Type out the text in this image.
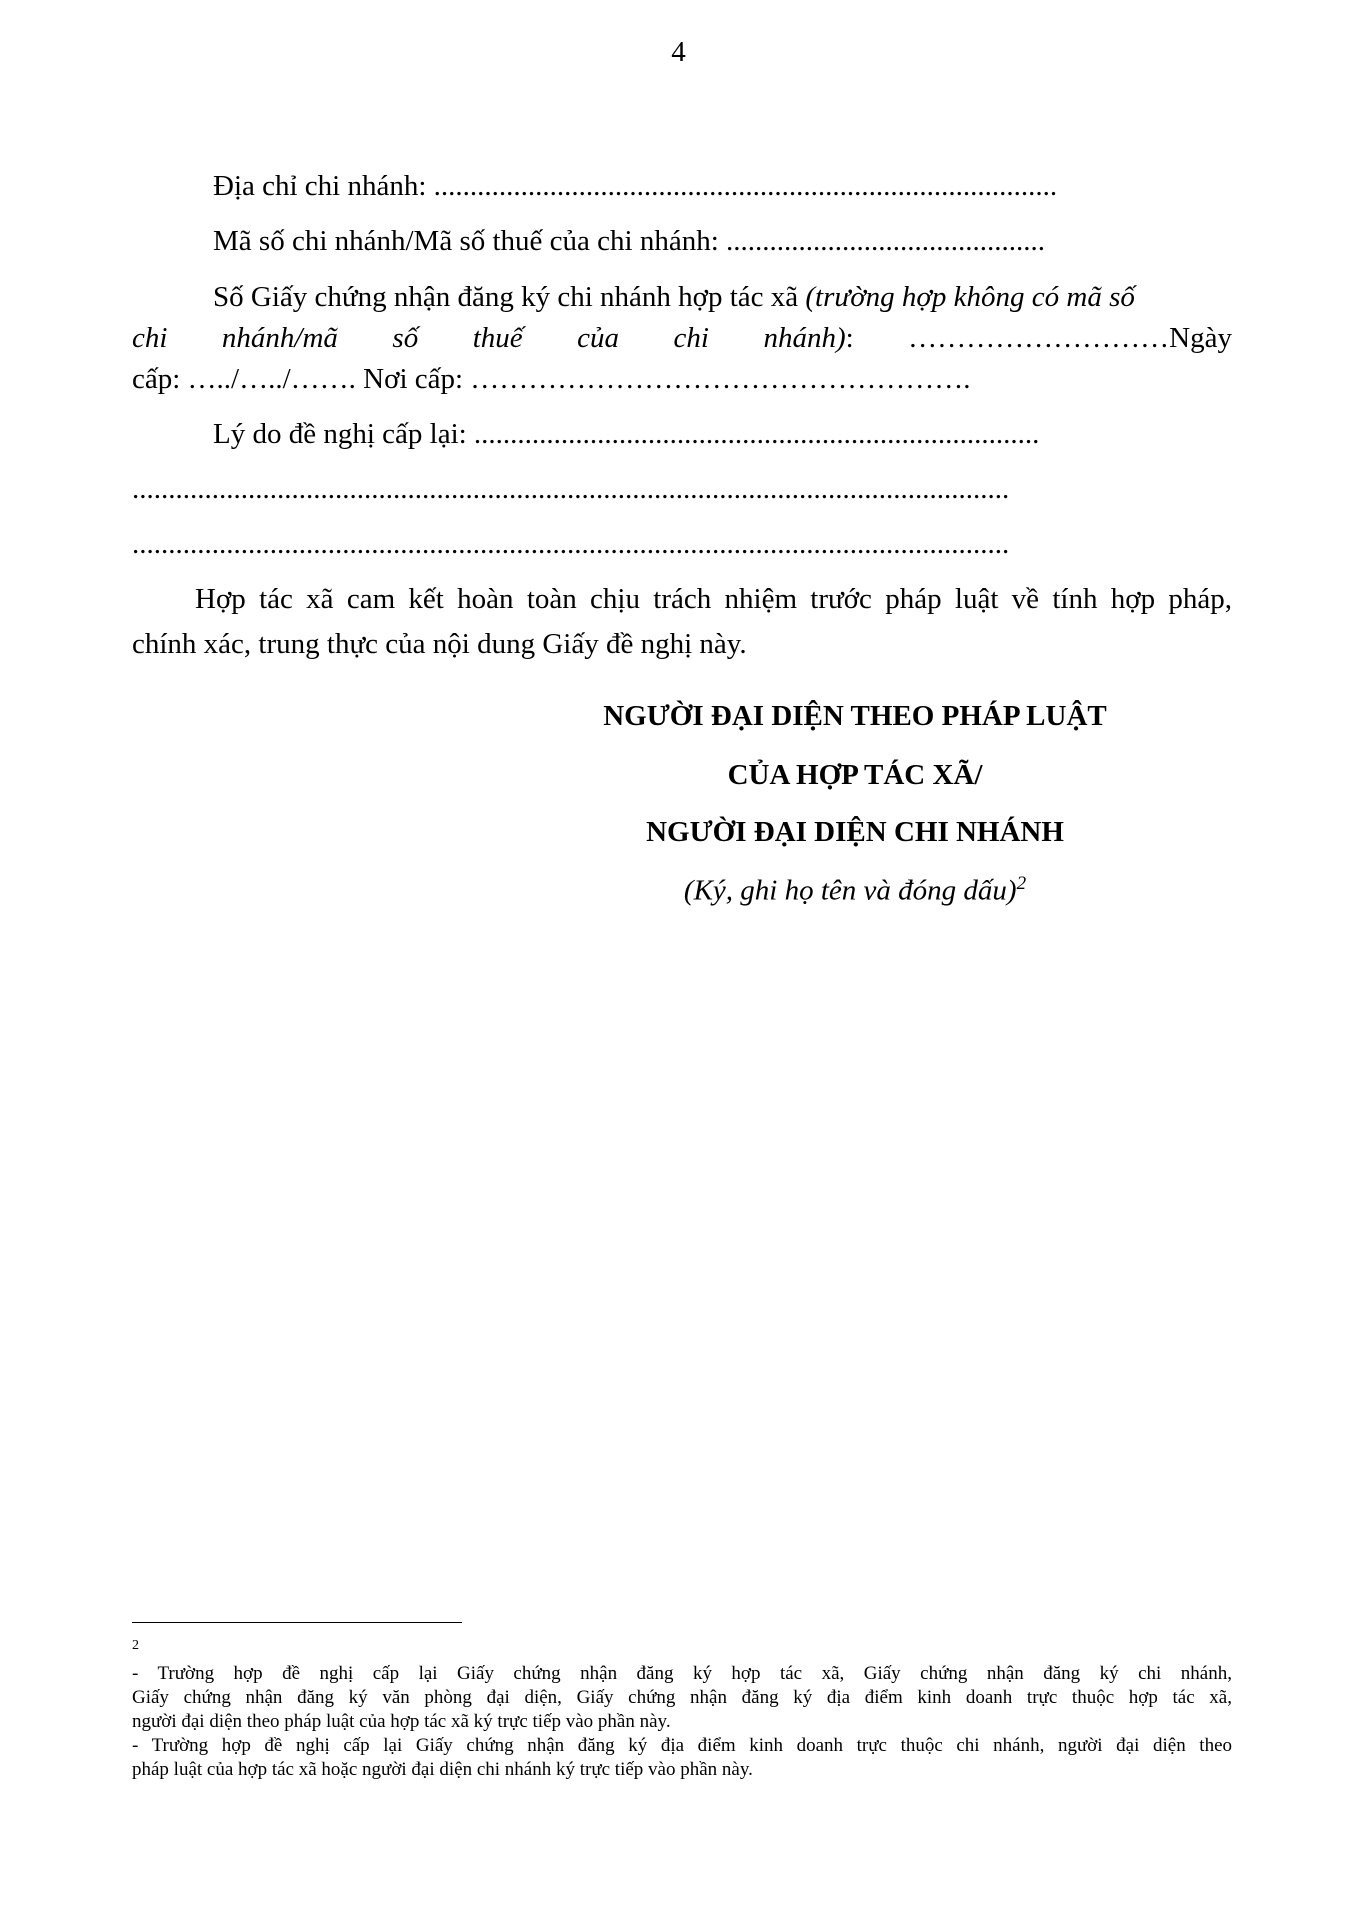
4
Địa chỉ chi nhánh: ......................................................................................
Mã số chi nhánh/Mã số thuế của chi nhánh: ............................................
Số Giấy chứng nhận đăng ký chi nhánh hợp tác xã (trường hợp không có mã số
chi nhánh/mã số thuế của chi nhánh): ………………………Ngày
cấp: …../…../……. Nơi cấp: …………………………………………….
Lý do đề nghị cấp lại: ..............................................................................
.........................................................................................................................
.........................................................................................................................
Hợp tác xã cam kết hoàn toàn chịu trách nhiệm trước pháp luật về tính hợp pháp,
chính xác, trung thực của nội dung Giấy đề nghị này.
NGƯỜI ĐẠI DIỆN THEO PHÁP LUẬT
CỦA HỢP TÁC XÃ/
NGƯỜI ĐẠI DIỆN CHI NHÁNH
(Ký, ghi họ tên và đóng dấu)$^2$
2
- Trường hợp đề nghị cấp lại Giấy chứng nhận đăng ký hợp tác xã, Giấy chứng nhận đăng ký chi nhánh,
Giấy chứng nhận đăng ký văn phòng đại diện, Giấy chứng nhận đăng ký địa điểm kinh doanh trực thuộc hợp tác xã,
người đại diện theo pháp luật của hợp tác xã ký trực tiếp vào phần này.
- Trường hợp đề nghị cấp lại Giấy chứng nhận đăng ký địa điểm kinh doanh trực thuộc chi nhánh, người đại diện theo
pháp luật của hợp tác xã hoặc người đại diện chi nhánh ký trực tiếp vào phần này.
